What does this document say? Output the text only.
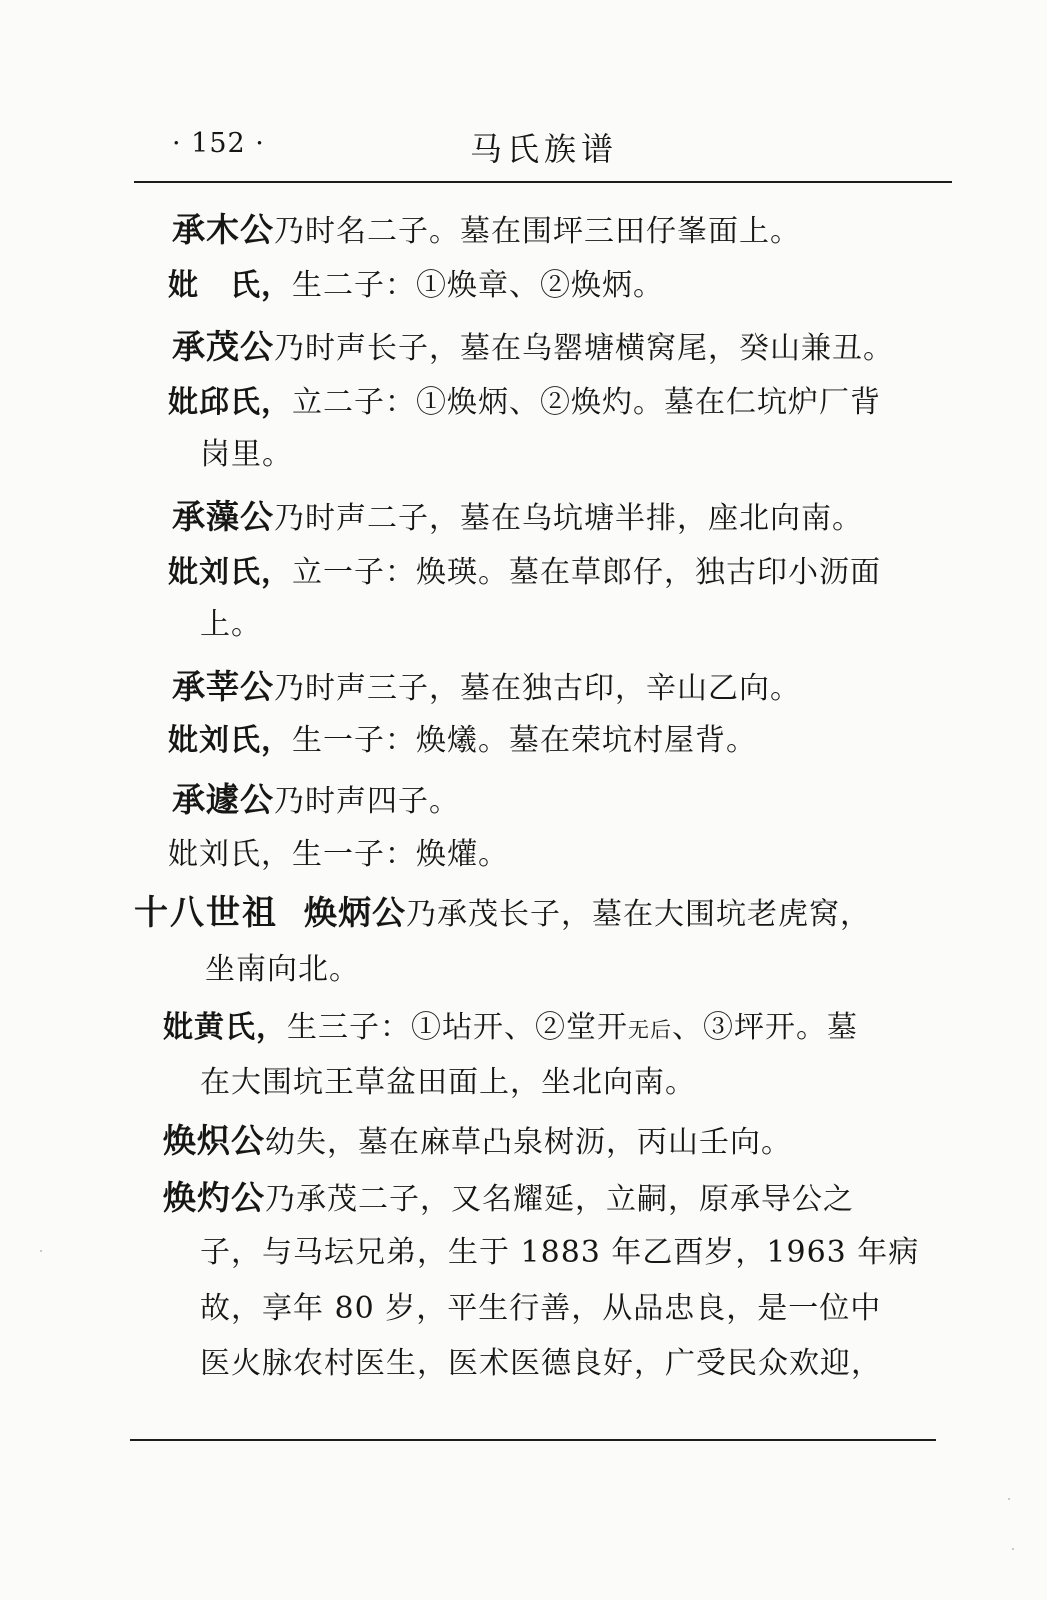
· 152 ·	马氏族谱
承木公乃时名二子。墓在围坪三田仔峯面上。
妣　氏，生二子：①焕章、②焕炳。
承茂公乃时声长子，墓在乌罂塘横窝尾，癸山兼丑。
妣邱氏，立二子：①焕炳、②焕灼。墓在仁坑炉厂背
岗里。
承藻公乃时声二子，墓在乌坑塘半排，座北向南。
妣刘氏，立一子：焕瑛。墓在草郎仔，独古印小沥面
上。
承莘公乃时声三子，墓在独古印，辛山乙向。
妣刘氏，生一子：焕爔。墓在荣坑村屋背。
承遽公乃时声四子。
妣刘氏，生一子：焕爟。
十八世祖 焕炳公乃承茂长子，墓在大围坑老虎窝，
坐南向北。
妣黄氏，生三子：①坫开、②堂开无后、③坪开。墓
在大围坑王草盆田面上，坐北向南。
焕炽公幼失，墓在麻草凸泉树沥，丙山壬向。
焕灼公乃承茂二子，又名耀延，立嗣，原承导公之
子，与马坛兄弟，生于 1883 年乙酉岁，1963 年病
故，享年 80 岁，平生行善，从品忠良，是一位中
医火脉农村医生，医术医德良好，广受民众欢迎，
